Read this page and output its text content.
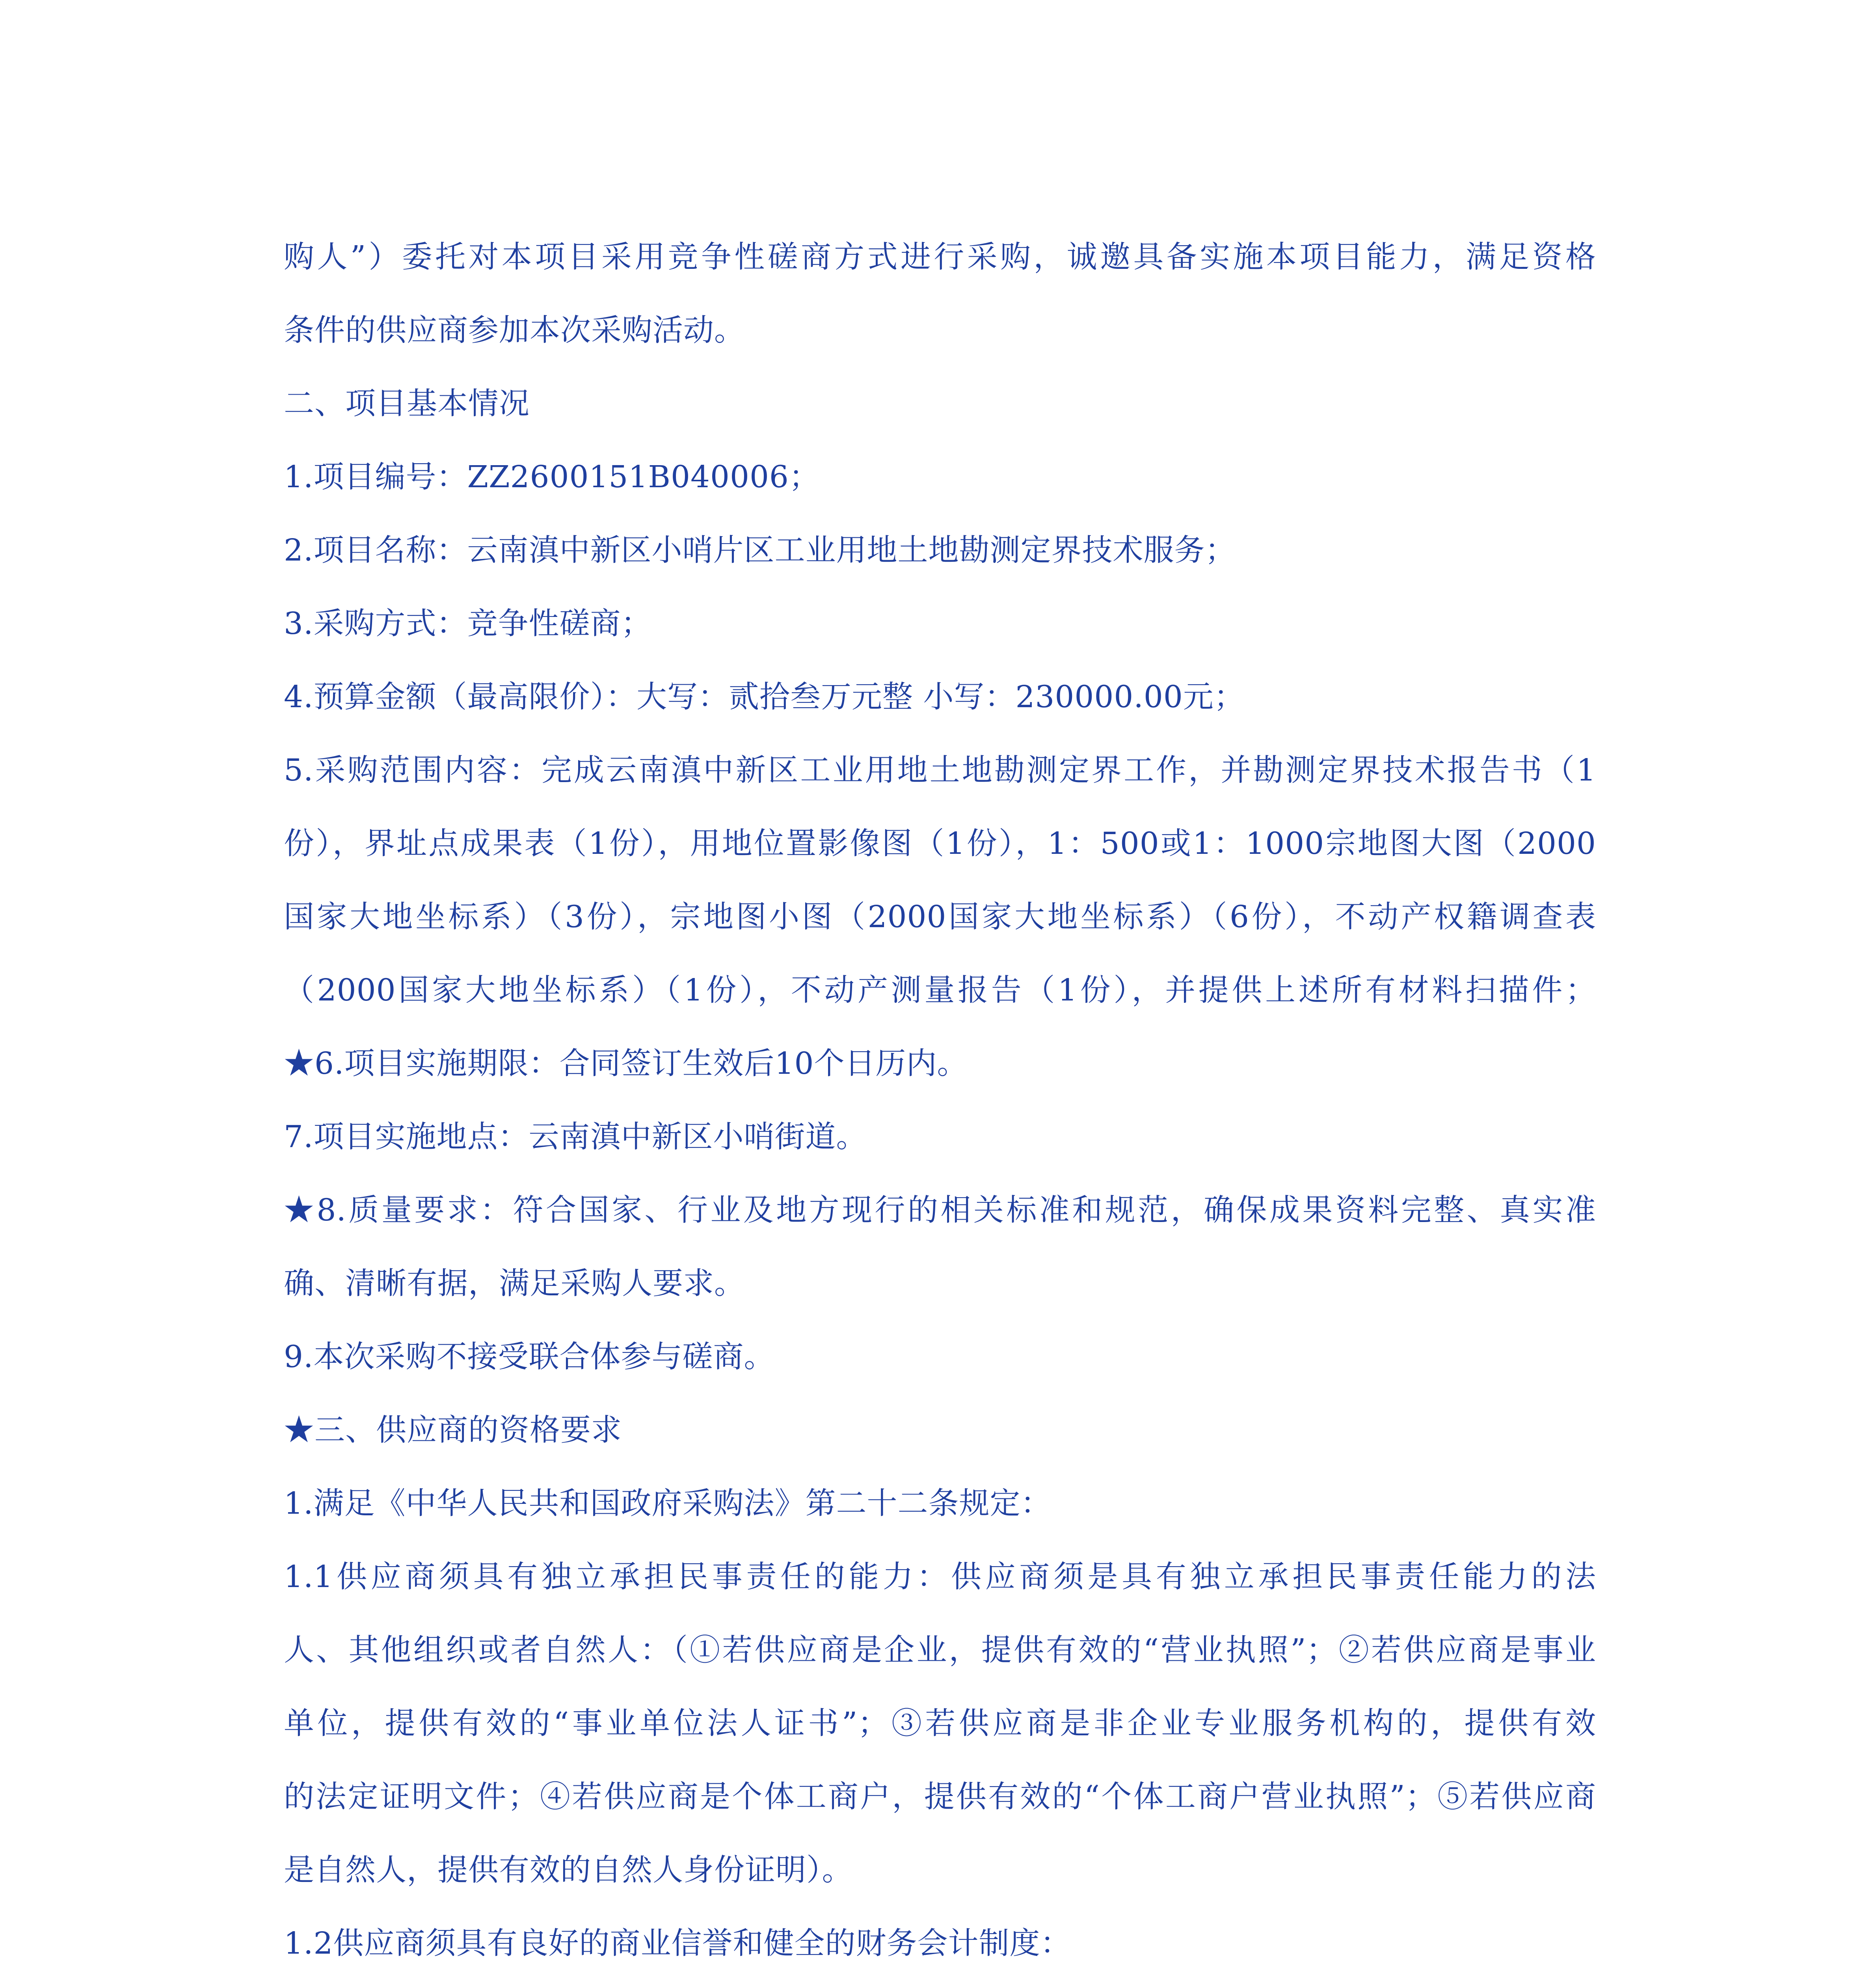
购人”）委托对本项目采用竞争性磋商方式进行采购，诚邀具备实施本项目能力，满足资格
条件的供应商参加本次采购活动。
二、项目基本情况
1.项目编号：ZZ2600151B040006；
2.项目名称：云南滇中新区小哨片区工业用地土地勘测定界技术服务；
3.采购方式：竞争性磋商；
4.预算金额（最高限价）：大写：贰拾叁万元整 小写：230000.00元；
5.采购范围内容：完成云南滇中新区工业用地土地勘测定界工作，并勘测定界技术报告书（1
份），界址点成果表（1份），用地位置影像图（1份），1：500或1：1000宗地图大图（2000
国家大地坐标系）（3份），宗地图小图（2000国家大地坐标系）（6份），不动产权籍调查表
（2000国家大地坐标系）（1份），不动产测量报告（1份），并提供上述所有材料扫描件；
★6.项目实施期限：合同签订生效后10个日历内。
7.项目实施地点：云南滇中新区小哨街道。
★8.质量要求：符合国家、行业及地方现行的相关标准和规范，确保成果资料完整、真实准
确、清晰有据，满足采购人要求。
9.本次采购不接受联合体参与磋商。
★三、供应商的资格要求
1.满足《中华人民共和国政府采购法》第二十二条规定：
1.1供应商须具有独立承担民事责任的能力：供应商须是具有独立承担民事责任能力的法
人、其他组织或者自然人：（①若供应商是企业，提供有效的“营业执照”；②若供应商是事业
单位，提供有效的“事业单位法人证书”；③若供应商是非企业专业服务机构的，提供有效
的法定证明文件；④若供应商是个体工商户，提供有效的“个体工商户营业执照”；⑤若供应商
是自然人，提供有效的自然人身份证明）。
1.2供应商须具有良好的商业信誉和健全的财务会计制度：
